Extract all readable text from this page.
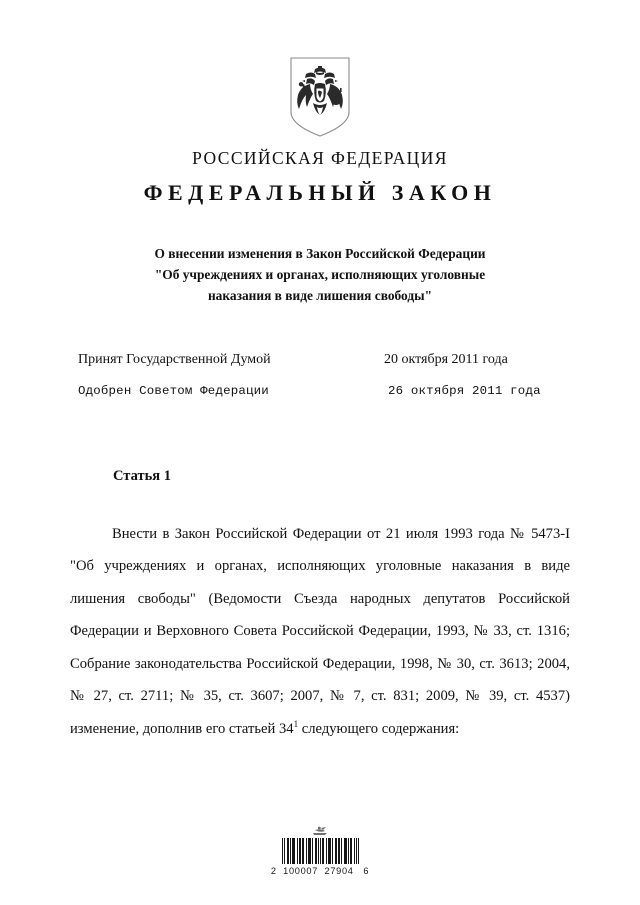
РОССИЙСКАЯ ФЕДЕРАЦИЯ
ФЕДЕРАЛЬНЫЙ ЗАКОН
О внесении изменения в Закон Российской Федерации
"Об учреждениях и органах, исполняющих уголовные
наказания в виде лишения свободы"
Принят Государственной Думой	20 октября 2011 года
Одобрен Советом Федерации	26 октября 2011 года
Статья 1

Внести в Закон Российской Федерации от 21 июля 1993 года № 5473-I "Об учреждениях и органах, исполняющих уголовные наказания в виде лишения свободы" (Ведомости Съезда народных депутатов Российской Федерации и Верховного Совета Российской Федерации, 1993, № 33, ст. 1316; Собрание законодательства Российской Федерации, 1998, № 30, ст. 3613; 2004, № 27, ст. 2711; № 35, ст. 3607; 2007, № 7, ст. 831; 2009, № 39, ст. 4537) изменение, дополнив его статьей $34^1$ следующего содержания:

2  100007  27904   6
